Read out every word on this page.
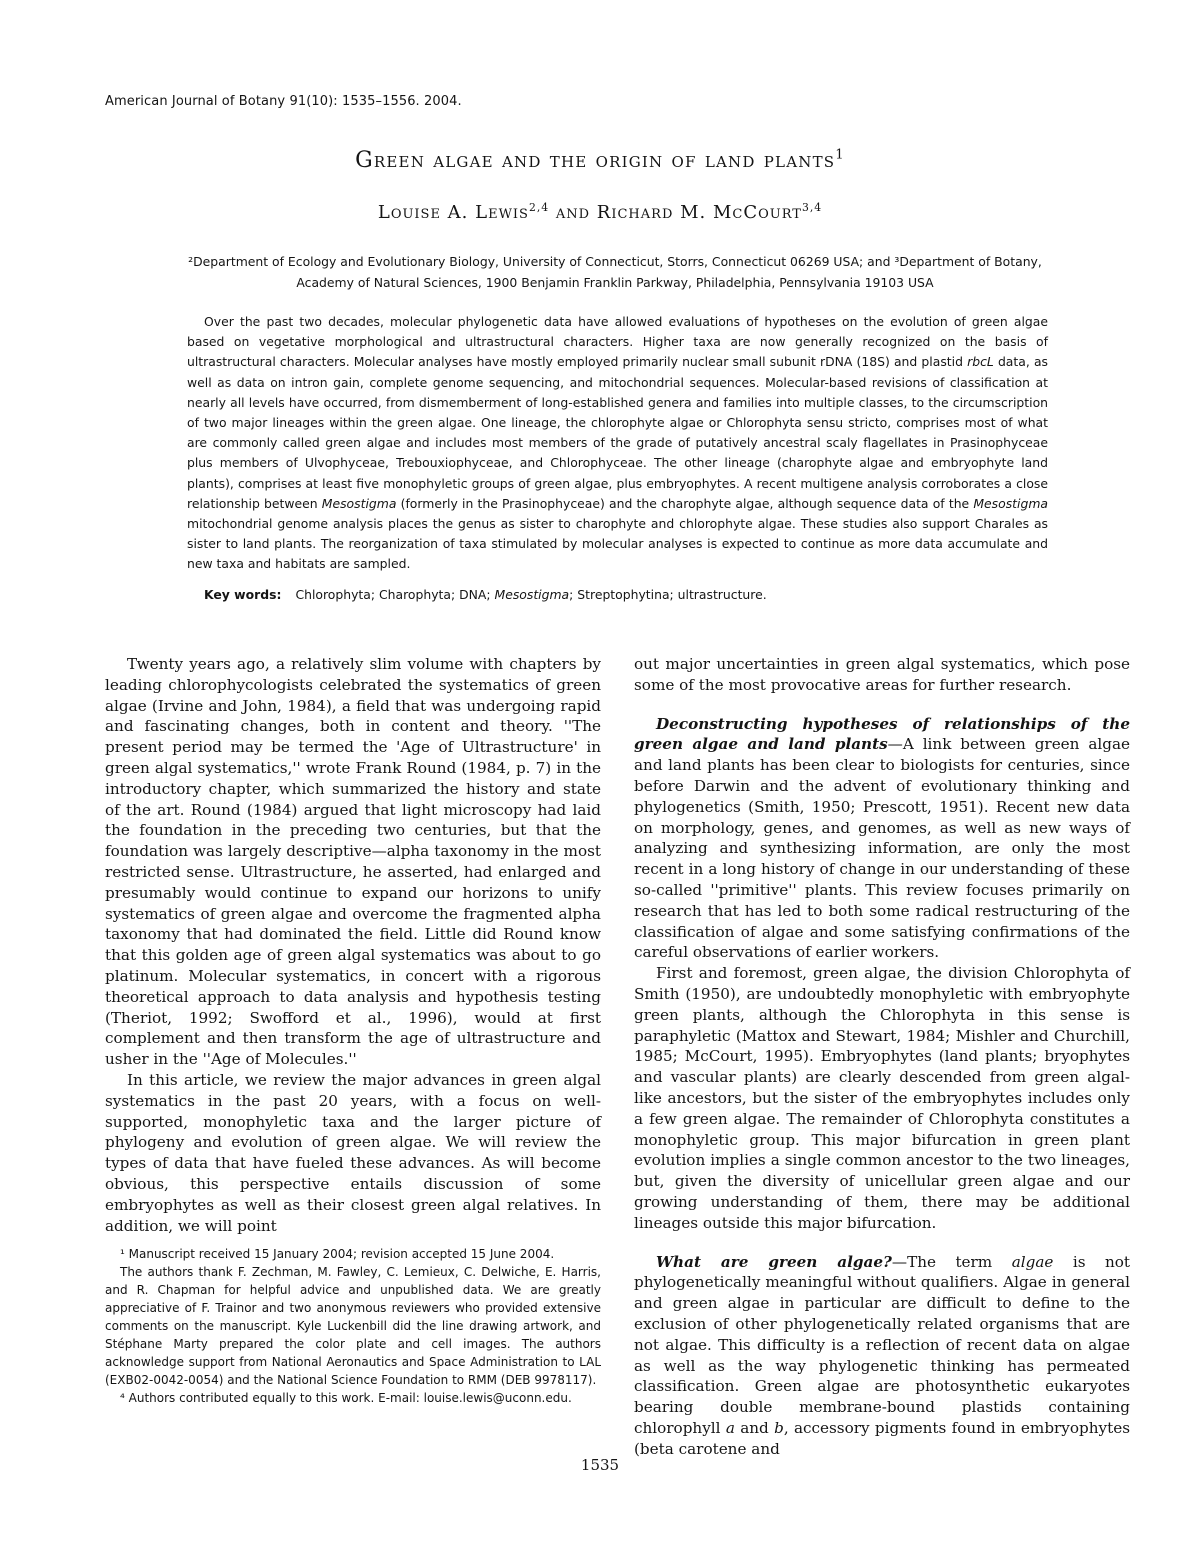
American Journal of Botany 91(10): 1535–1556. 2004.
Green algae and the origin of land plants$^1$
Louise A. Lewis$^{2,4}$ and Richard M. McCourt$^{3,4}$
²Department of Ecology and Evolutionary Biology, University of Connecticut, Storrs, Connecticut 06269 USA; and ³Department of Botany, Academy of Natural Sciences, 1900 Benjamin Franklin Parkway, Philadelphia, Pennsylvania 19103 USA

Over the past two decades, molecular phylogenetic data have allowed evaluations of hypotheses on the evolution of green algae based on vegetative morphological and ultrastructural characters. Higher taxa are now generally recognized on the basis of ultrastructural characters. Molecular analyses have mostly employed primarily nuclear small subunit rDNA (18S) and plastid rbcL data, as well as data on intron gain, complete genome sequencing, and mitochondrial sequences. Molecular-based revisions of classification at nearly all levels have occurred, from dismemberment of long-established genera and families into multiple classes, to the circumscription of two major lineages within the green algae. One lineage, the chlorophyte algae or Chlorophyta sensu stricto, comprises most of what are commonly called green algae and includes most members of the grade of putatively ancestral scaly flagellates in Prasinophyceae plus members of Ulvophyceae, Trebouxiophyceae, and Chlorophyceae. The other lineage (charophyte algae and embryophyte land plants), comprises at least five monophyletic groups of green algae, plus embryophytes. A recent multigene analysis corroborates a close relationship between Mesostigma (formerly in the Prasinophyceae) and the charophyte algae, although sequence data of the Mesostigma mitochondrial genome analysis places the genus as sister to charophyte and chlorophyte algae. These studies also support Charales as sister to land plants. The reorganization of taxa stimulated by molecular analyses is expected to continue as more data accumulate and new taxa and habitats are sampled.

Key words: Chlorophyta; Charophyta; DNA; Mesostigma; Streptophytina; ultrastructure.

Twenty years ago, a relatively slim volume with chapters by leading chlorophycologists celebrated the systematics of green algae (Irvine and John, 1984), a field that was undergoing rapid and fascinating changes, both in content and theory. ''The present period may be termed the 'Age of Ultrastructure' in green algal systematics,'' wrote Frank Round (1984, p. 7) in the introductory chapter, which summarized the history and state of the art. Round (1984) argued that light microscopy had laid the foundation in the preceding two centuries, but that the foundation was largely descriptive—alpha taxonomy in the most restricted sense. Ultrastructure, he asserted, had enlarged and presumably would continue to expand our horizons to unify systematics of green algae and overcome the fragmented alpha taxonomy that had dominated the field. Little did Round know that this golden age of green algal systematics was about to go platinum. Molecular systematics, in concert with a rigorous theoretical approach to data analysis and hypothesis testing (Theriot, 1992; Swofford et al., 1996), would at first complement and then transform the age of ultrastructure and usher in the ''Age of Molecules.''

In this article, we review the major advances in green algal systematics in the past 20 years, with a focus on well-supported, monophyletic taxa and the larger picture of phylogeny and evolution of green algae. We will review the types of data that have fueled these advances. As will become obvious, this perspective entails discussion of some embryophytes as well as their closest green algal relatives. In addition, we will point

out major uncertainties in green algal systematics, which pose some of the most provocative areas for further research.

Deconstructing hypotheses of relationships of the green algae and land plants—A link between green algae and land plants has been clear to biologists for centuries, since before Darwin and the advent of evolutionary thinking and phylogenetics (Smith, 1950; Prescott, 1951). Recent new data on morphology, genes, and genomes, as well as new ways of analyzing and synthesizing information, are only the most recent in a long history of change in our understanding of these so-called ''primitive'' plants. This review focuses primarily on research that has led to both some radical restructuring of the classification of algae and some satisfying confirmations of the careful observations of earlier workers.

First and foremost, green algae, the division Chlorophyta of Smith (1950), are undoubtedly monophyletic with embryophyte green plants, although the Chlorophyta in this sense is paraphyletic (Mattox and Stewart, 1984; Mishler and Churchill, 1985; McCourt, 1995). Embryophytes (land plants; bryophytes and vascular plants) are clearly descended from green algal-like ancestors, but the sister of the embryophytes includes only a few green algae. The remainder of Chlorophyta constitutes a monophyletic group. This major bifurcation in green plant evolution implies a single common ancestor to the two lineages, but, given the diversity of unicellular green algae and our growing understanding of them, there may be additional lineages outside this major bifurcation.

What are green algae?—The term algae is not phylogenetically meaningful without qualifiers. Algae in general and green algae in particular are difficult to define to the exclusion of other phylogenetically related organisms that are not algae. This difficulty is a reflection of recent data on algae as well as the way phylogenetic thinking has permeated classification. Green algae are photosynthetic eukaryotes bearing double membrane-bound plastids containing chlorophyll a and b, accessory pigments found in embryophytes (beta carotene and

¹ Manuscript received 15 January 2004; revision accepted 15 June 2004.

The authors thank F. Zechman, M. Fawley, C. Lemieux, C. Delwiche, E. Harris, and R. Chapman for helpful advice and unpublished data. We are greatly appreciative of F. Trainor and two anonymous reviewers who provided extensive comments on the manuscript. Kyle Luckenbill did the line drawing artwork, and Stéphane Marty prepared the color plate and cell images. The authors acknowledge support from National Aeronautics and Space Administration to LAL (EXB02-0042-0054) and the National Science Foundation to RMM (DEB 9978117).

⁴ Authors contributed equally to this work. E-mail: louise.lewis@uconn.edu.

1535
